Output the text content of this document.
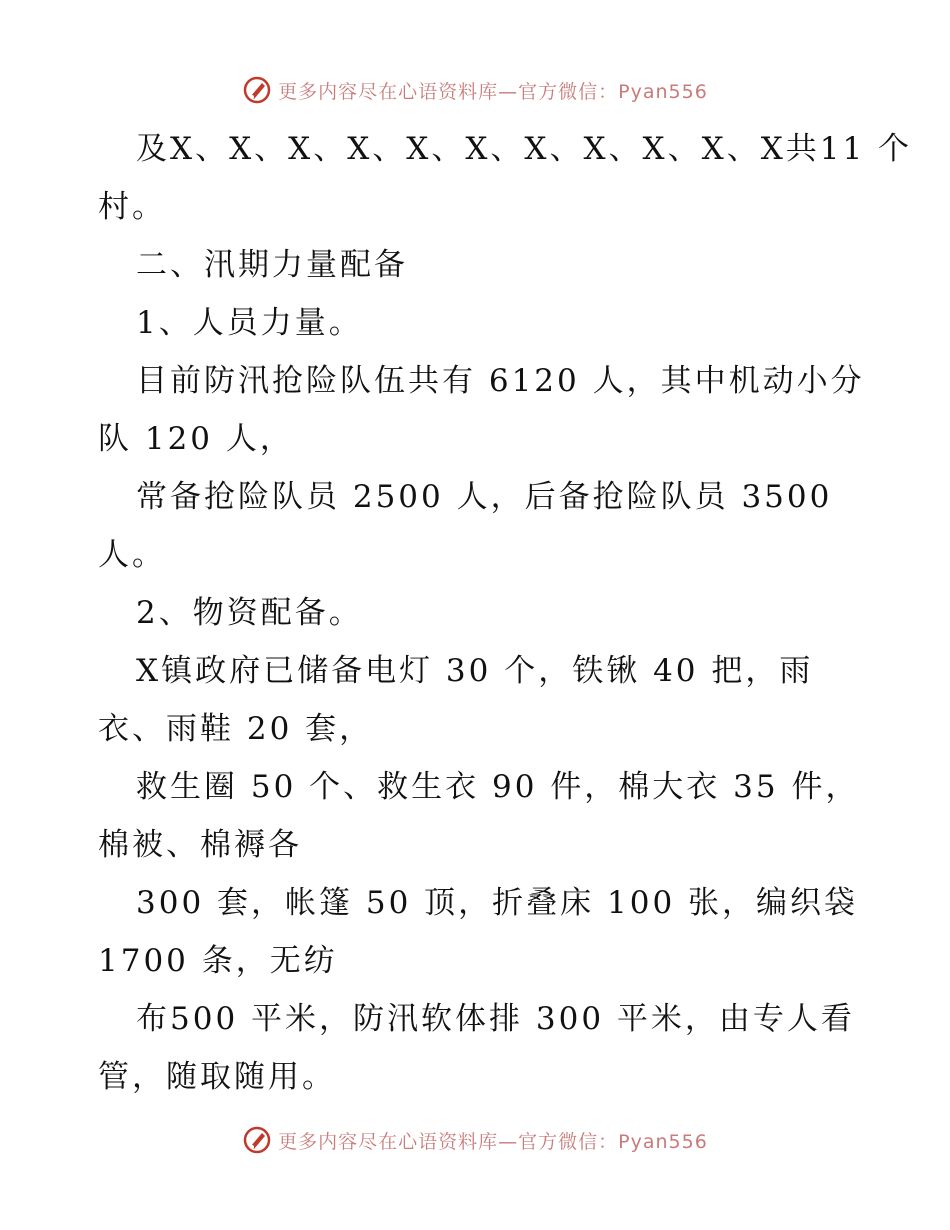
更多内容尽在心语资料库—官方微信：Pyan556
及X、X、X、X、X、X、X、X、X、X、X共11 个
村。
二、汛期力量配备
1、人员力量。
目前防汛抢险队伍共有 6120 人，其中机动小分
队 120 人，
常备抢险队员 2500 人，后备抢险队员 3500
人。
2、物资配备。
X镇政府已储备电灯 30 个，铁锹 40 把，雨
衣、雨鞋 20 套，
救生圈 50 个、救生衣 90 件，棉大衣 35 件，
棉被、棉褥各
300 套，帐篷 50 顶，折叠床 100 张，编织袋
1700 条，无纺
布500 平米，防汛软体排 300 平米，由专人看
管，随取随用。
更多内容尽在心语资料库—官方微信：Pyan556
